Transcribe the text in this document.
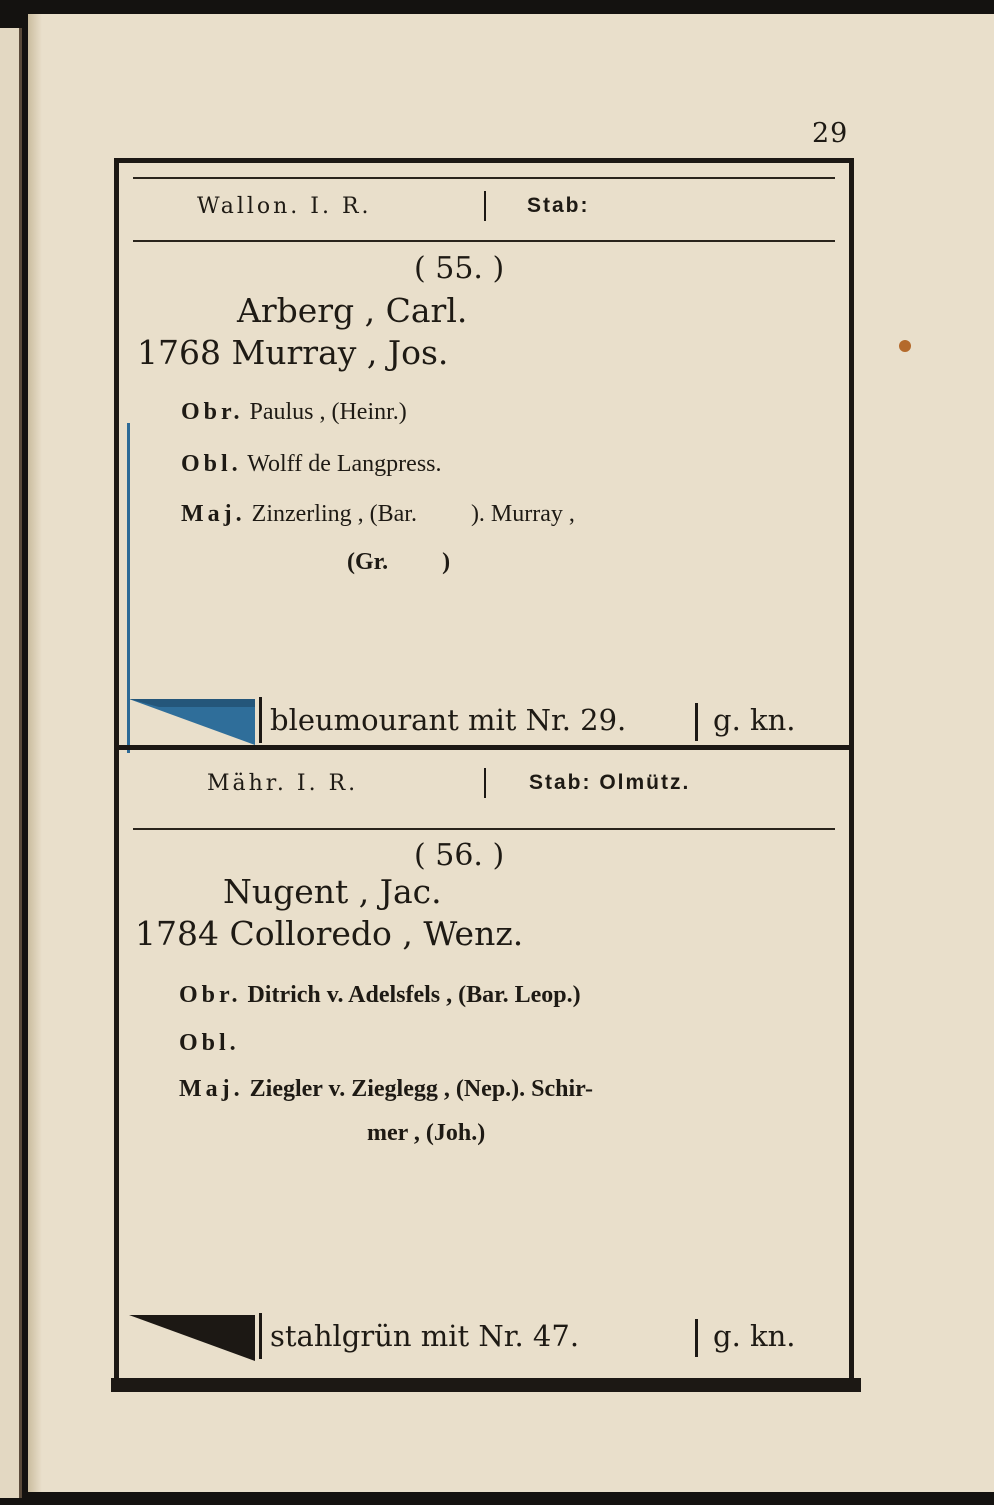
29
Wallon. I. R.	Stab:
( 55. )
Arberg , Carl.
1768 Murray , Jos.
Obr. Paulus , (Heinr.)
Obl. Wolff de Langpress.
Maj. Zinzerling , (Bar.         ). Murray ,
(Gr.         )
bleumourant mit Nr. 29.	g. kn.
Mähr. I. R.	Stab: Olmütz.
( 56. )
Nugent , Jac.
1784 Colloredo , Wenz.
Obr. Ditrich v. Adelsfels , (Bar. Leop.)
Obl.
Maj. Ziegler v. Zieglegg , (Nep.). Schir-
mer , (Joh.)
stahlgrün mit Nr. 47.	g. kn.
